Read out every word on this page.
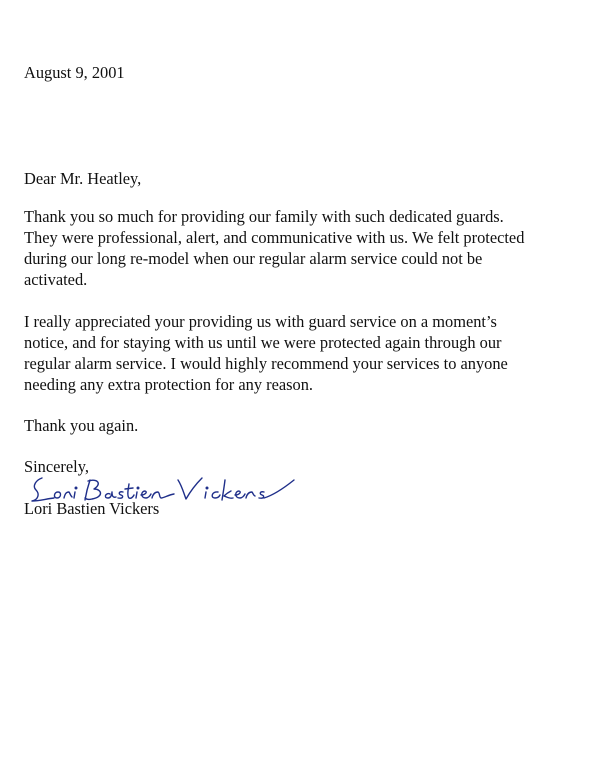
August 9, 2001
Dear Mr. Heatley,
Thank you so much for providing our family with such dedicated guards.
They were professional, alert, and communicative with us. We felt protected
during our long re-model when our regular alarm service could not be
activated.
I really appreciated your providing us with guard service on a moment’s
notice, and for staying with us until we were protected again through our
regular alarm service. I would highly recommend your services to anyone
needing any extra protection for any reason.
Thank you again.
Sincerely,
Lori Bastien Vickers
